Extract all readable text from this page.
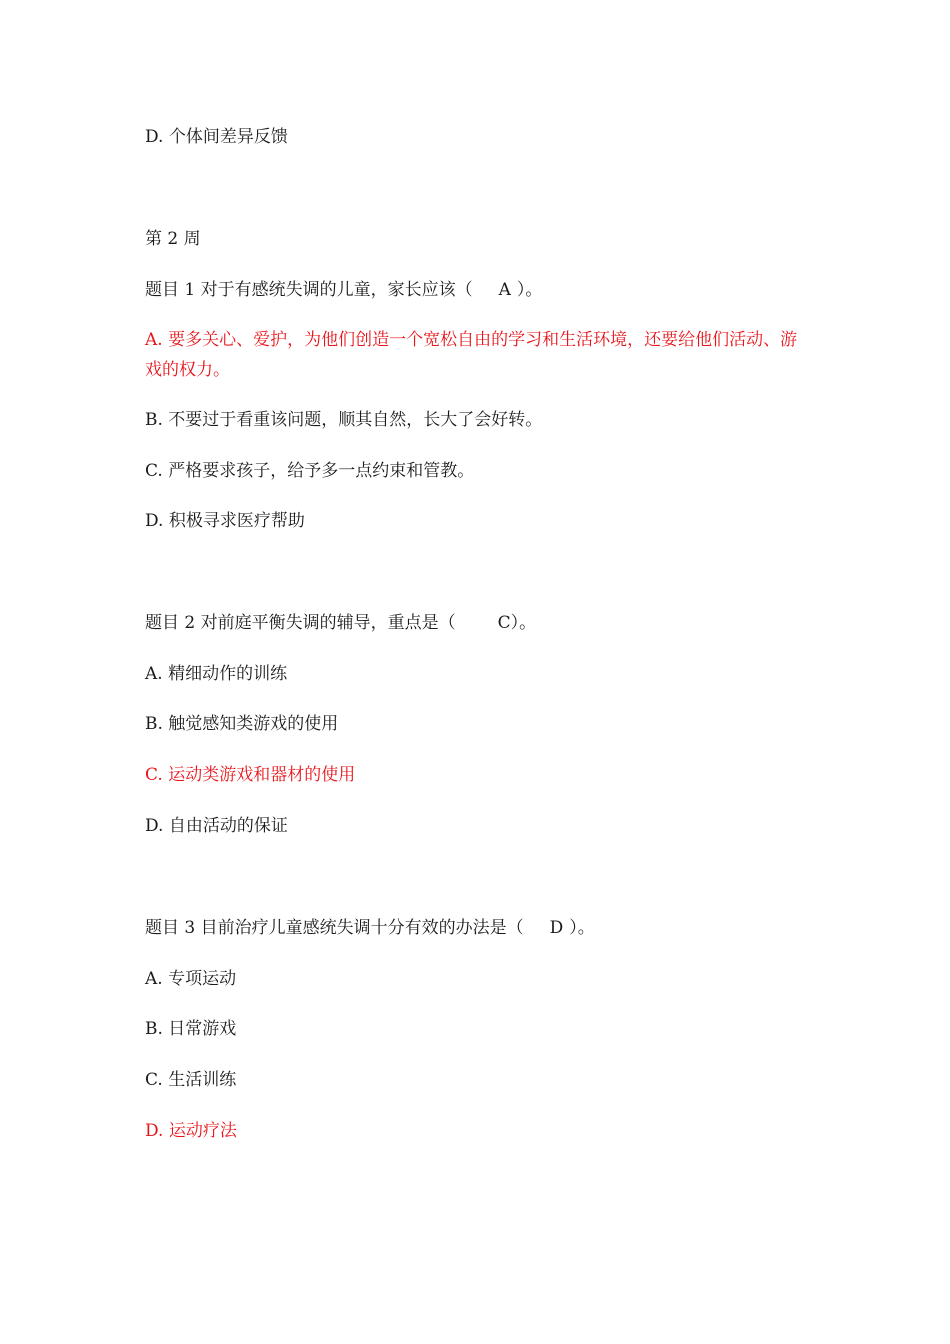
D. 个体间差异反馈
第 2 周
题目 1 对于有感统失调的儿童，家长应该（ A ）。
A. 要多关心、爱护，为他们创造一个宽松自由的学习和生活环境，还要给他们活动、游戏的权力。
B. 不要过于看重该问题，顺其自然，长大了会好转。
C. 严格要求孩子，给予多一点约束和管教。
D. 积极寻求医疗帮助
题目 2 对前庭平衡失调的辅导，重点是（ C）。
A. 精细动作的训练
B. 触觉感知类游戏的使用
C. 运动类游戏和器材的使用
D. 自由活动的保证
题目 3 目前治疗儿童感统失调十分有效的办法是（ D ）。
A. 专项运动
B. 日常游戏
C. 生活训练
D. 运动疗法
